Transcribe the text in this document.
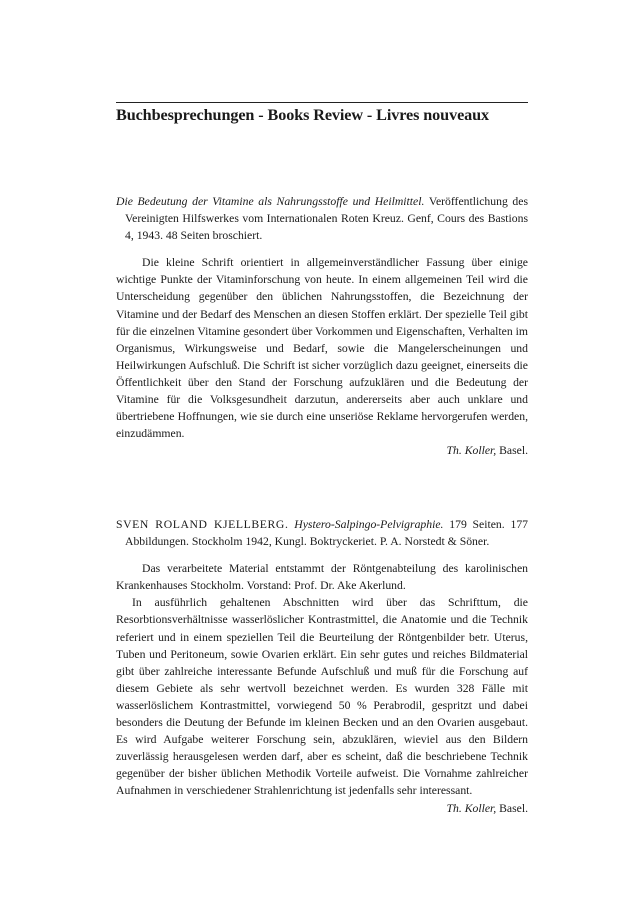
Buchbesprechungen - Books Review - Livres nouveaux

Die Bedeutung der Vitamine als Nahrungsstoffe und Heilmittel. Veröffentlichung des Vereinigten Hilfswerkes vom Internationalen Roten Kreuz. Genf, Cours des Bastions 4, 1943. 48 Seiten broschiert.

Die kleine Schrift orientiert in allgemeinverständlicher Fassung über einige wichtige Punkte der Vitaminforschung von heute. In einem allgemeinen Teil wird die Unterscheidung gegenüber den üblichen Nahrungsstoffen, die Bezeichnung der Vitamine und der Bedarf des Menschen an diesen Stoffen erklärt. Der spezielle Teil gibt für die einzelnen Vitamine gesondert über Vorkommen und Eigenschaften, Verhalten im Organismus, Wirkungsweise und Bedarf, sowie die Mangelerscheinungen und Heilwirkungen Aufschluß. Die Schrift ist sicher vorzüglich dazu geeignet, einerseits die Öffentlichkeit über den Stand der Forschung aufzuklären und die Bedeutung der Vitamine für die Volksgesundheit darzutun, andererseits aber auch unklare und übertriebene Hoffnungen, wie sie durch eine unseriöse Reklame hervorgerufen werden, einzudämmen.

Th. Koller, Basel.

SVEN ROLAND KJELLBERG. Hystero-Salpingo-Pelvigraphie. 179 Seiten. 177 Abbildungen. Stockholm 1942, Kungl. Boktryckeriet. P. A. Norstedt & Söner.

Das verarbeitete Material entstammt der Röntgenabteilung des karolinischen Krankenhauses Stockholm. Vorstand: Prof. Dr. Ake Akerlund.

In ausführlich gehaltenen Abschnitten wird über das Schrifttum, die Resorbtionsverhältnisse wasserlöslicher Kontrastmittel, die Anatomie und die Technik referiert und in einem speziellen Teil die Beurteilung der Röntgenbilder betr. Uterus, Tuben und Peritoneum, sowie Ovarien erklärt. Ein sehr gutes und reiches Bildmaterial gibt über zahlreiche interessante Befunde Aufschluß und muß für die Forschung auf diesem Gebiete als sehr wertvoll bezeichnet werden. Es wurden 328 Fälle mit wasserlöslichem Kontrastmittel, vorwiegend 50 % Perabrodil, gespritzt und dabei besonders die Deutung der Befunde im kleinen Becken und an den Ovarien ausgebaut. Es wird Aufgabe weiterer Forschung sein, abzuklären, wieviel aus den Bildern zuverlässig herausgelesen werden darf, aber es scheint, daß die beschriebene Technik gegenüber der bisher üblichen Methodik Vorteile aufweist. Die Vornahme zahlreicher Aufnahmen in verschiedener Strahlenrichtung ist jedenfalls sehr interessant.
Th. Koller, Basel.
